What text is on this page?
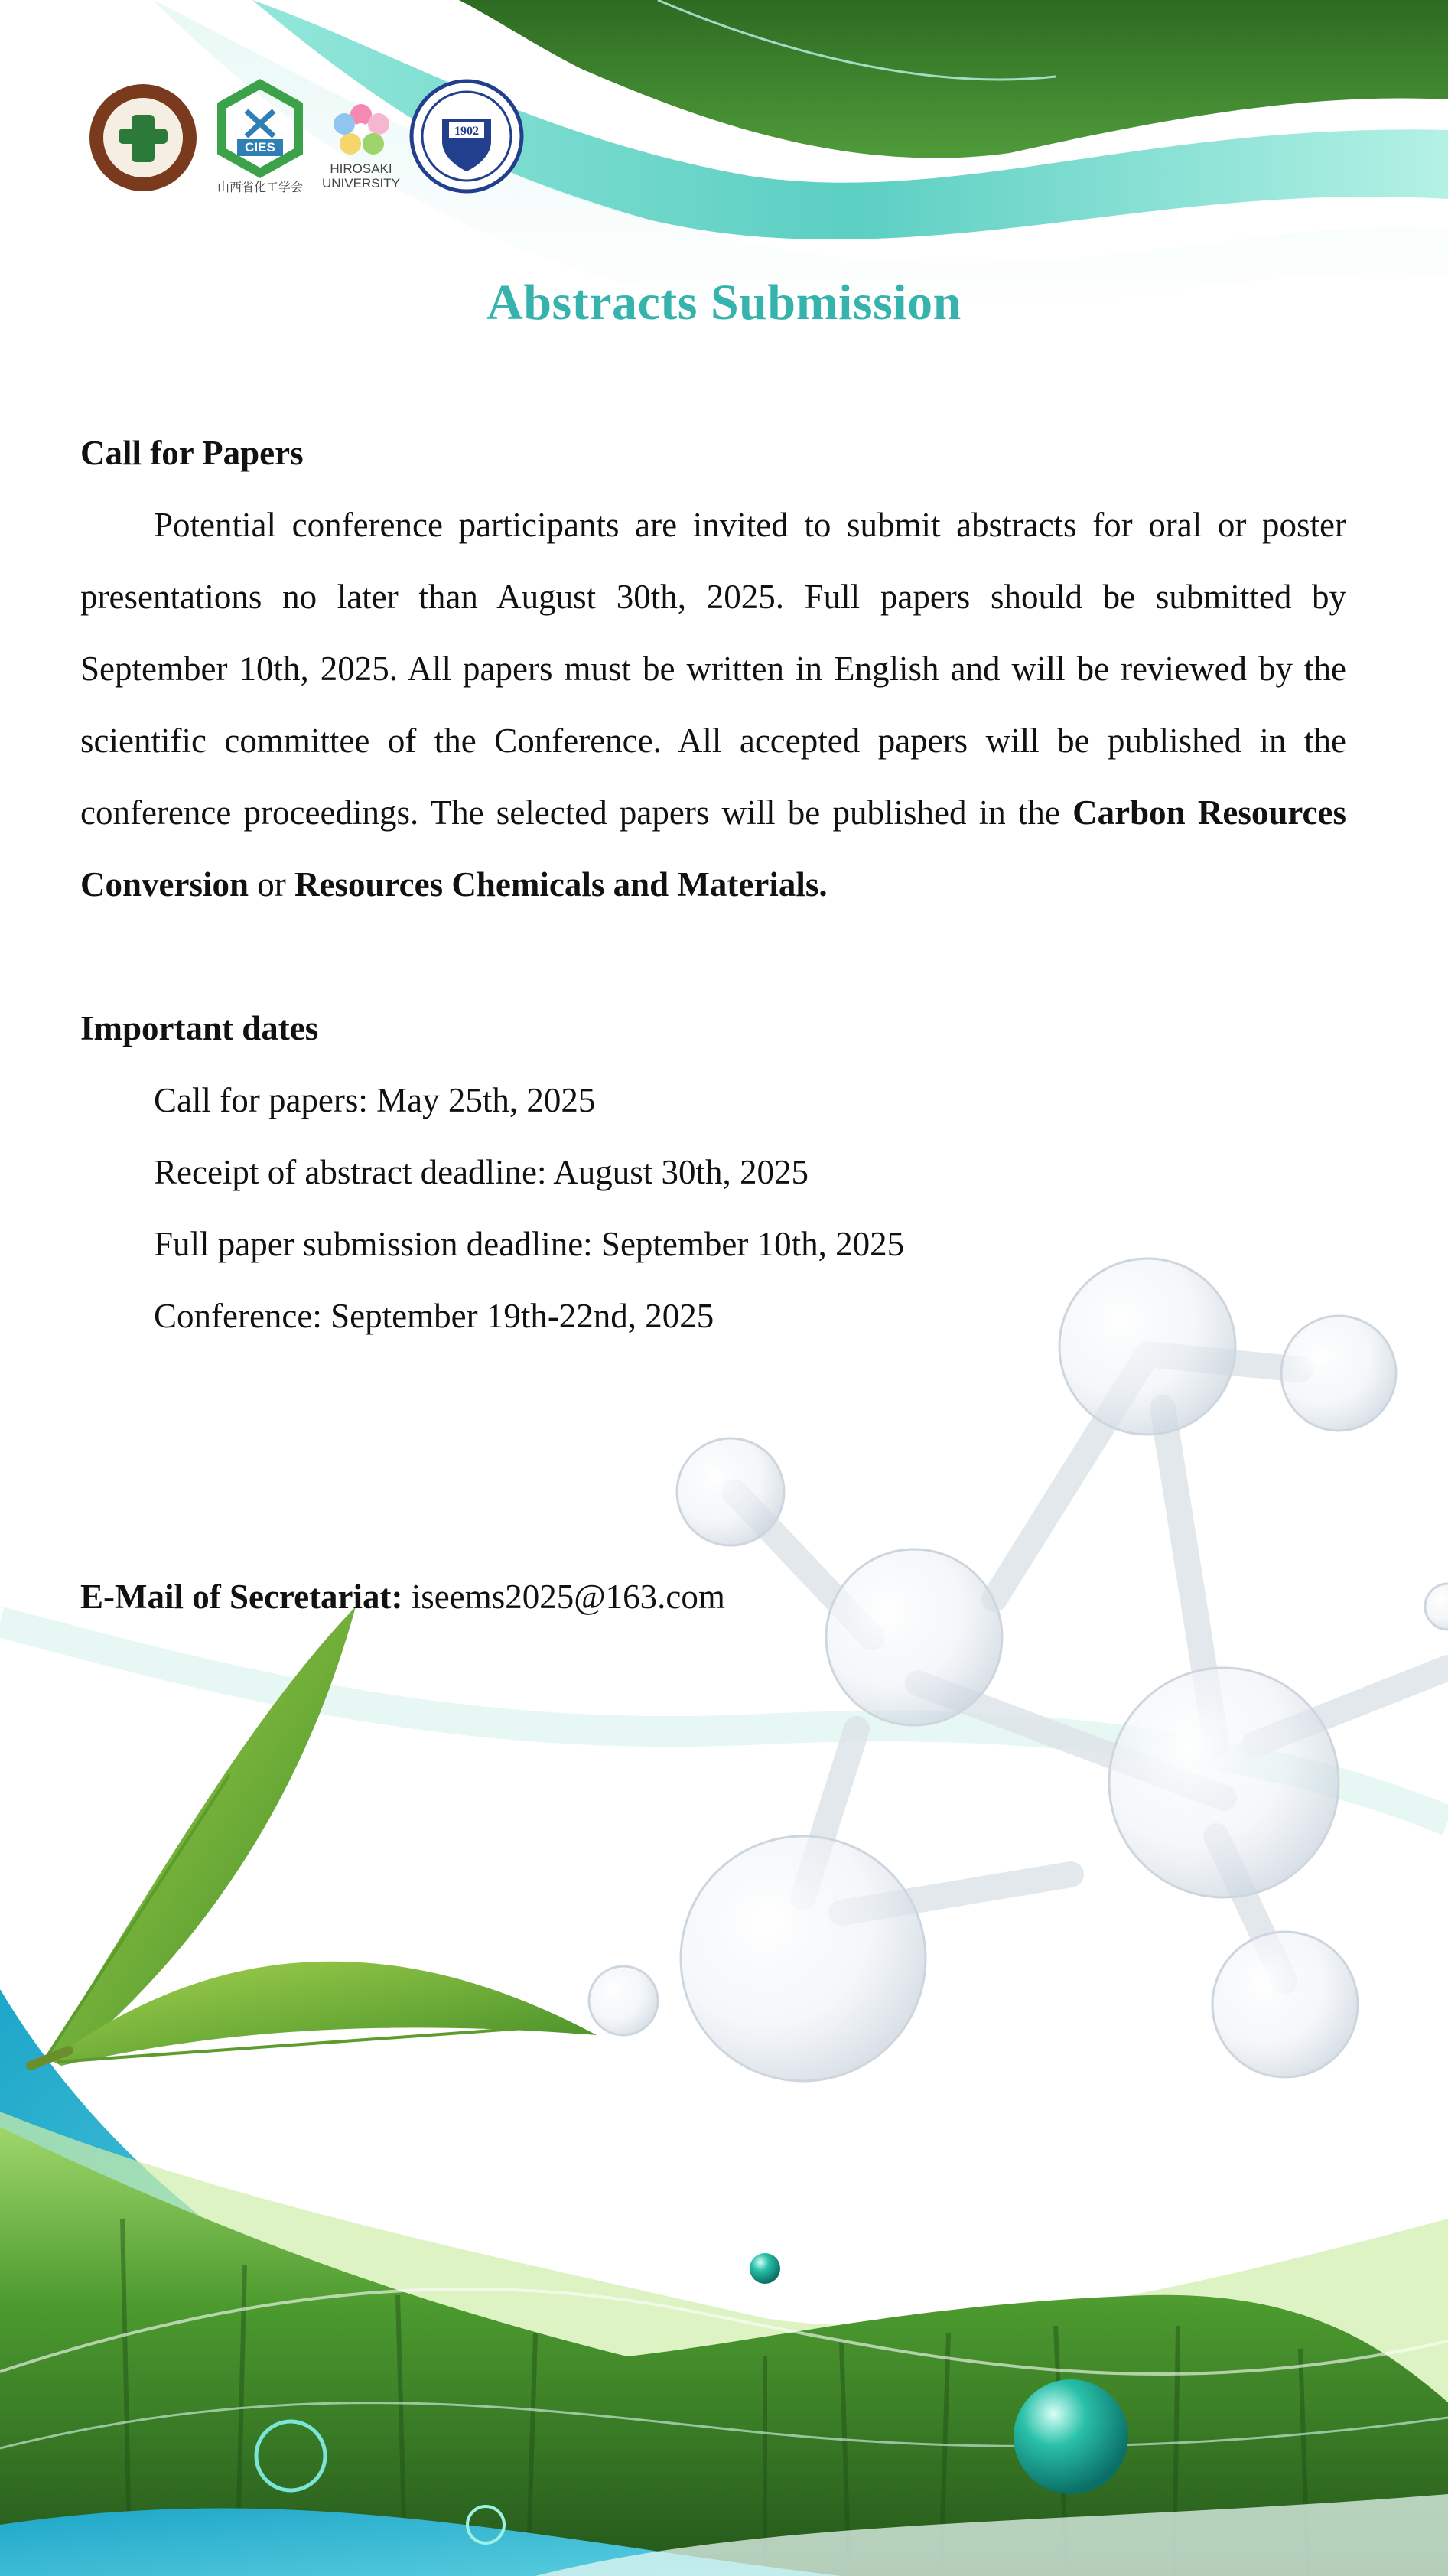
CIES
山西省化工学会
HIROSAKI
UNIVERSITY
1902
Abstracts Submission
Call for Papers
Potential conference participants are invited to submit abstracts for oral or poster presentations no later than August 30th, 2025. Full papers should be submitted by September 10th, 2025. All papers must be written in English and will be reviewed by the scientific committee of the Conference. All accepted papers will be published in the conference proceedings. The selected papers will be published in the Carbon Resources Conversion or Resources Chemicals and Materials.
Important dates
Call for papers: May 25th, 2025
Receipt of abstract deadline: August 30th, 2025
Full paper submission deadline: September 10th, 2025
Conference: September 19th-22nd, 2025
E-Mail of Secretariat: iseems2025@163.com
